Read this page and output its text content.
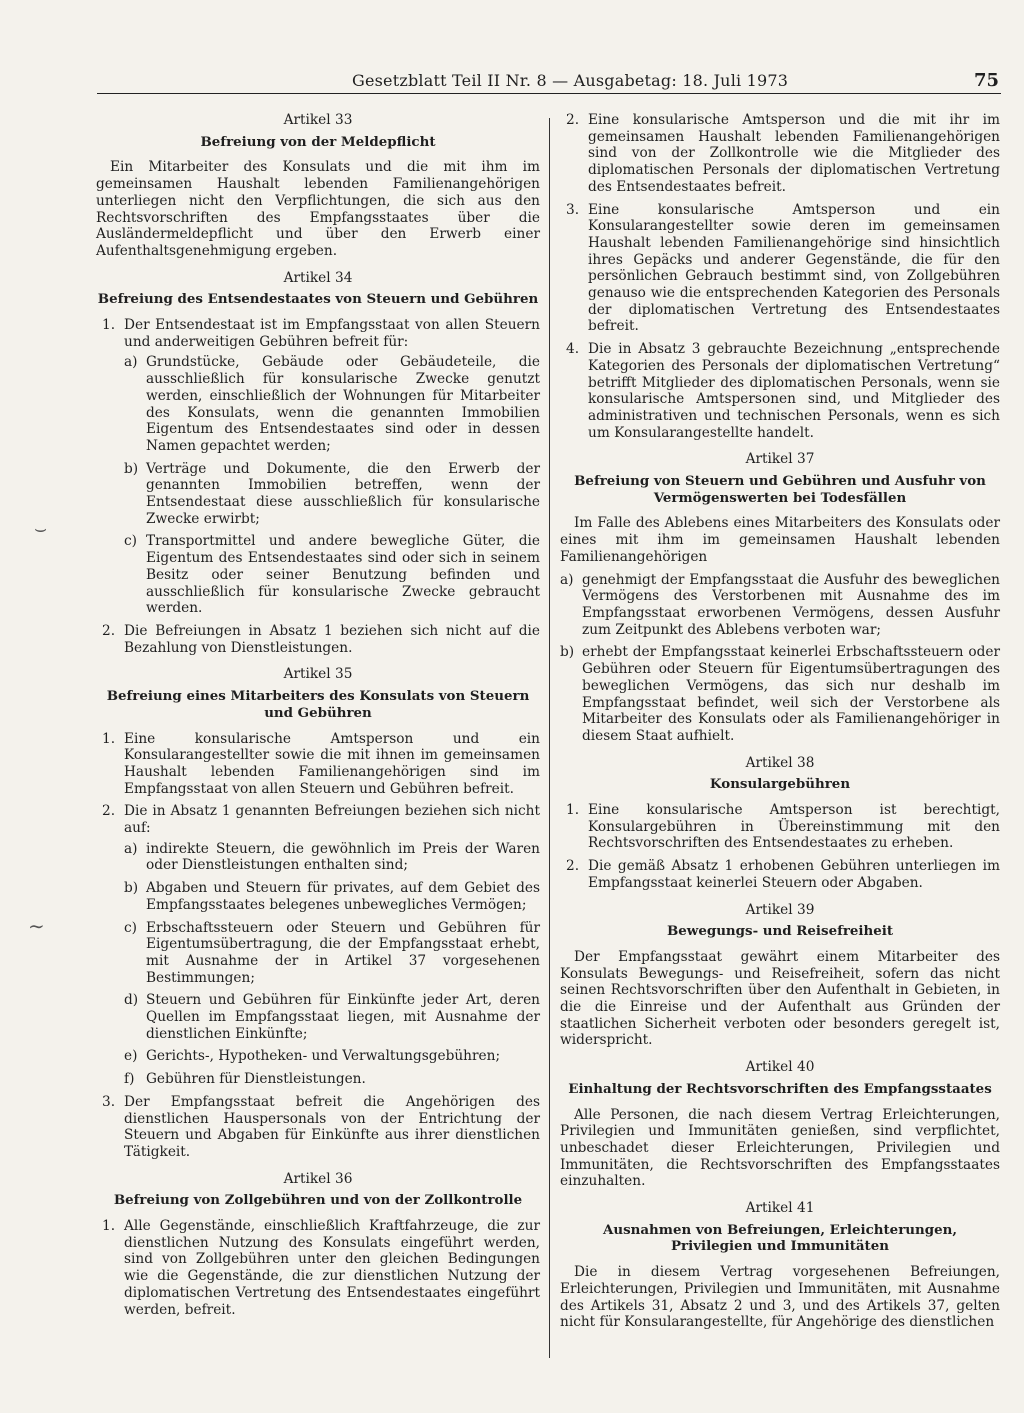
Gesetzblatt Teil II Nr. 8 — Ausgabetag: 18. Juli 1973	75
⌣
∼
Artikel 33
Befreiung von der Meldepflicht

Ein Mitarbeiter des Konsulats und die mit ihm im gemeinsamen Haushalt lebenden Familienangehörigen unterliegen nicht den Verpflichtungen, die sich aus den Rechtsvorschriften des Empfangsstaates über die Ausländermeldepflicht und über den Erwerb einer Aufenthaltsgenehmigung ergeben.

Artikel 34
Befreiung des Entsendestaates von Steuern und Gebühren
1. Der Entsendestaat ist im Empfangsstaat von allen Steuern und anderweitigen Gebühren befreit für:
a) Grundstücke, Gebäude oder Gebäudeteile, die ausschließlich für konsularische Zwecke genutzt werden, einschließlich der Wohnungen für Mitarbeiter des Konsulats, wenn die genannten Immobilien Eigentum des Entsendestaates sind oder in dessen Namen gepachtet werden;
b) Verträge und Dokumente, die den Erwerb der genannten Immobilien betreffen, wenn der Entsendestaat diese ausschließlich für konsularische Zwecke erwirbt;
c) Transportmittel und andere bewegliche Güter, die Eigentum des Entsendestaates sind oder sich in seinem Besitz oder seiner Benutzung befinden und ausschließlich für konsularische Zwecke gebraucht werden.
2. Die Befreiungen in Absatz 1 beziehen sich nicht auf die Bezahlung von Dienstleistungen.
Artikel 35
Befreiung eines Mitarbeiters des Konsulats von Steuern und Gebühren
1. Eine konsularische Amtsperson und ein Konsularangestellter sowie die mit ihnen im gemeinsamen Haushalt lebenden Familienangehörigen sind im Empfangsstaat von allen Steuern und Gebühren befreit.
2. Die in Absatz 1 genannten Befreiungen beziehen sich nicht auf:
a) indirekte Steuern, die gewöhnlich im Preis der Waren oder Dienstleistungen enthalten sind;
b) Abgaben und Steuern für privates, auf dem Gebiet des Empfangsstaates belegenes unbewegliches Vermögen;
c) Erbschaftssteuern oder Steuern und Gebühren für Eigentumsübertragung, die der Empfangsstaat erhebt, mit Ausnahme der in Artikel 37 vorgesehenen Bestimmungen;
d) Steuern und Gebühren für Einkünfte jeder Art, deren Quellen im Empfangsstaat liegen, mit Ausnahme der dienstlichen Einkünfte;
e) Gerichts-, Hypotheken- und Verwaltungsgebühren;
f) Gebühren für Dienstleistungen.
3. Der Empfangsstaat befreit die Angehörigen des dienstlichen Hauspersonals von der Entrichtung der Steuern und Abgaben für Einkünfte aus ihrer dienstlichen Tätigkeit.
Artikel 36
Befreiung von Zollgebühren und von der Zollkontrolle
1. Alle Gegenstände, einschließlich Kraftfahrzeuge, die zur dienstlichen Nutzung des Konsulats eingeführt werden, sind von Zollgebühren unter den gleichen Bedingungen wie die Gegenstände, die zur dienstlichen Nutzung der diplomatischen Vertretung des Entsendestaates eingeführt werden, befreit.
2. Eine konsularische Amtsperson und die mit ihr im gemeinsamen Haushalt lebenden Familienangehörigen sind von der Zollkontrolle wie die Mitglieder des diplomatischen Personals der diplomatischen Vertretung des Entsendestaates befreit.
3. Eine konsularische Amtsperson und ein Konsularangestellter sowie deren im gemeinsamen Haushalt lebenden Familienangehörige sind hinsichtlich ihres Gepäcks und anderer Gegenstände, die für den persönlichen Gebrauch bestimmt sind, von Zollgebühren genauso wie die entsprechenden Kategorien des Personals der diplomatischen Vertretung des Entsendestaates befreit.
4. Die in Absatz 3 gebrauchte Bezeichnung „entsprechende Kategorien des Personals der diplomatischen Vertretung“ betrifft Mitglieder des diplomatischen Personals, wenn sie konsularische Amtspersonen sind, und Mitglieder des administrativen und technischen Personals, wenn es sich um Konsularangestellte handelt.
Artikel 37
Befreiung von Steuern und Gebühren und Ausfuhr von Vermögenswerten bei Todesfällen

Im Falle des Ablebens eines Mitarbeiters des Konsulats oder eines mit ihm im gemeinsamen Haushalt lebenden Familienangehörigen

a) genehmigt der Empfangsstaat die Ausfuhr des beweglichen Vermögens des Verstorbenen mit Ausnahme des im Empfangsstaat erworbenen Vermögens, dessen Ausfuhr zum Zeitpunkt des Ablebens verboten war;
b) erhebt der Empfangsstaat keinerlei Erbschaftssteuern oder Gebühren oder Steuern für Eigentumsübertragungen des beweglichen Vermögens, das sich nur deshalb im Empfangsstaat befindet, weil sich der Verstorbene als Mitarbeiter des Konsulats oder als Familienangehöriger in diesem Staat aufhielt.
Artikel 38
Konsulargebühren
1. Eine konsularische Amtsperson ist berechtigt, Konsulargebühren in Übereinstimmung mit den Rechtsvorschriften des Entsendestaates zu erheben.
2. Die gemäß Absatz 1 erhobenen Gebühren unterliegen im Empfangsstaat keinerlei Steuern oder Abgaben.
Artikel 39
Bewegungs- und Reisefreiheit

Der Empfangsstaat gewährt einem Mitarbeiter des Konsulats Bewegungs- und Reisefreiheit, sofern das nicht seinen Rechtsvorschriften über den Aufenthalt in Gebieten, in die die Einreise und der Aufenthalt aus Gründen der staatlichen Sicherheit verboten oder besonders geregelt ist, widerspricht.

Artikel 40
Einhaltung der Rechtsvorschriften des Empfangsstaates

Alle Personen, die nach diesem Vertrag Erleichterungen, Privilegien und Immunitäten genießen, sind verpflichtet, unbeschadet dieser Erleichterungen, Privilegien und Immunitäten, die Rechtsvorschriften des Empfangsstaates einzuhalten.

Artikel 41
Ausnahmen von Befreiungen, Erleichterungen, Privilegien und Immunitäten

Die in diesem Vertrag vorgesehenen Befreiungen, Erleichterungen, Privilegien und Immunitäten, mit Ausnahme des Artikels 31, Absatz 2 und 3, und des Artikels 37, gelten nicht für Konsularangestellte, für Angehörige des dienstlichen
